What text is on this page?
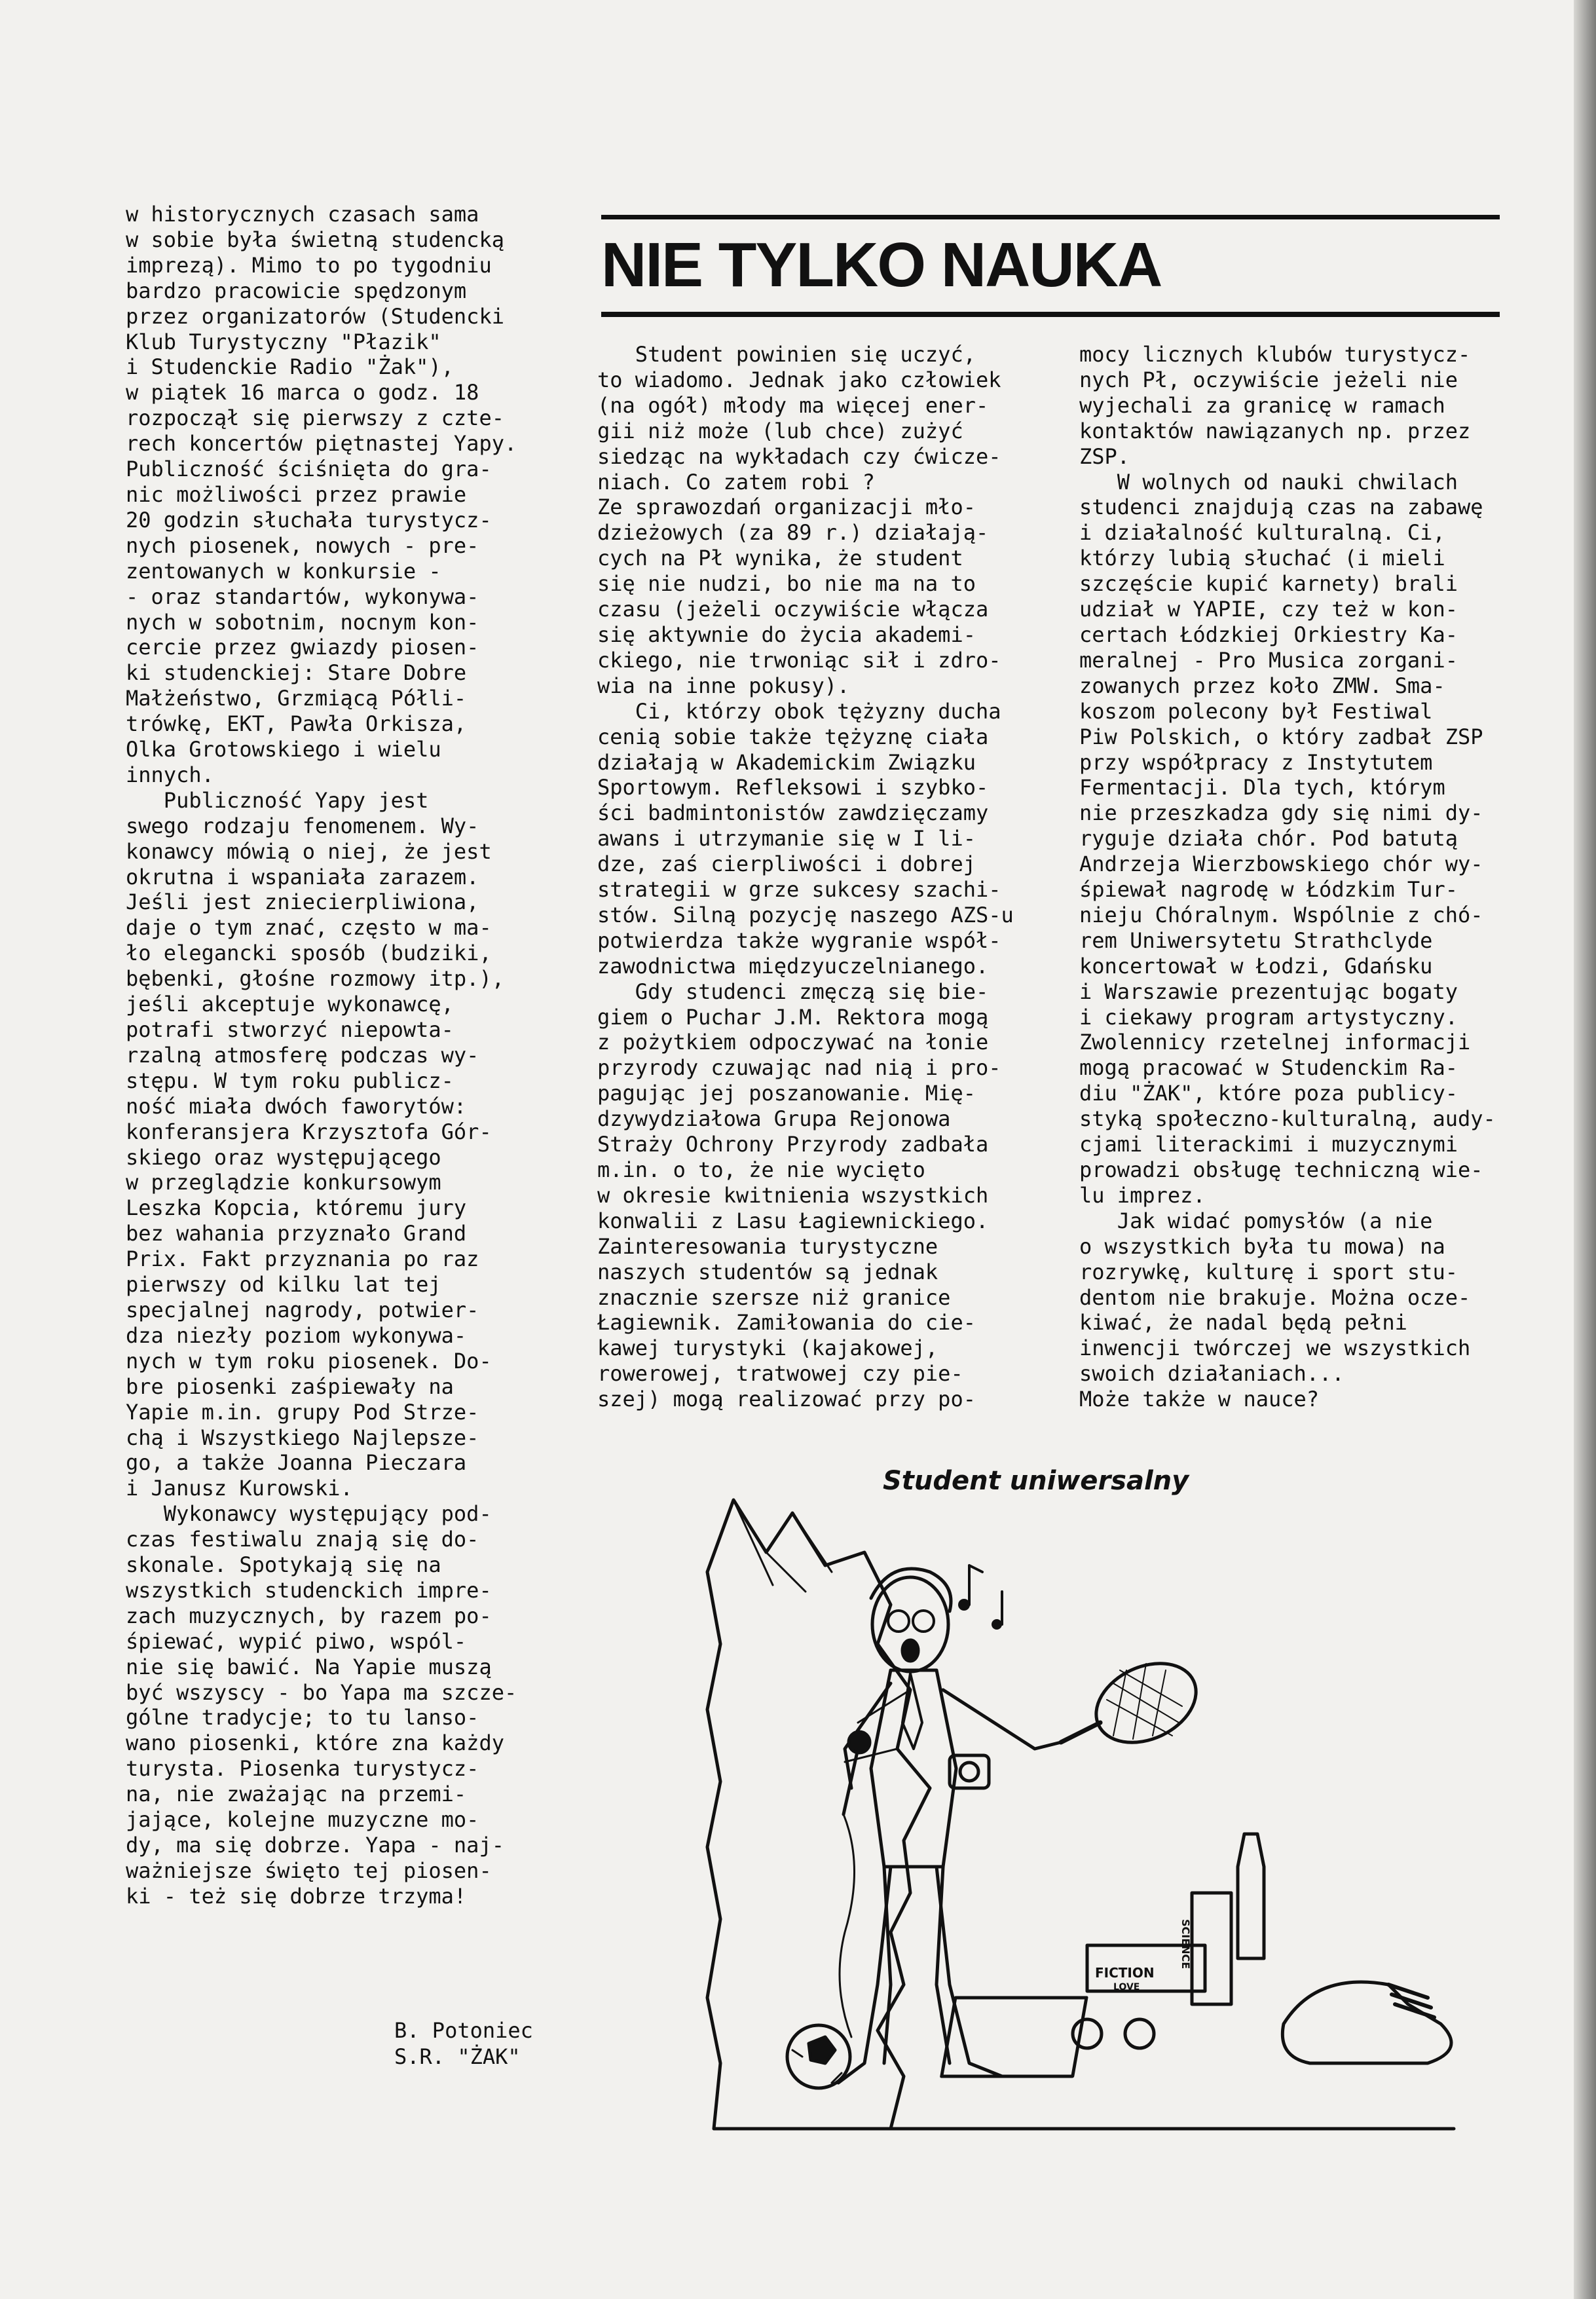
w historycznych czasach sama
w sobie była świetną studencką
imprezą). Mimo to po tygodniu
bardzo pracowicie spędzonym
przez organizatorów (Studencki
Klub Turystyczny "Płazik"
i Studenckie Radio "Żak"),
w piątek 16 marca o godz. 18
rozpoczął się pierwszy z czte-
rech koncertów piętnastej Yapy.
Publiczność ściśnięta do gra-
nic możliwości przez prawie
20 godzin słuchała turystycz-
nych piosenek, nowych - pre-
zentowanych w konkursie -
- oraz standartów, wykonywa-
nych w sobotnim, nocnym kon-
cercie przez gwiazdy piosen-
ki studenckiej: Stare Dobre
Małżeństwo, Grzmiącą Półli-
trówkę, EKT, Pawła Orkisza,
Olka Grotowskiego i wielu
innych.
Publiczność Yapy jest
swego rodzaju fenomenem. Wy-
konawcy mówią o niej, że jest
okrutna i wspaniała zarazem.
Jeśli jest zniecierpliwiona,
daje o tym znać, często w ma-
ło elegancki sposób (budziki,
bębenki, głośne rozmowy itp.),
jeśli akceptuje wykonawcę,
potrafi stworzyć niepowta-
rzalną atmosferę podczas wy-
stępu. W tym roku publicz-
ność miała dwóch faworytów:
konferansjera Krzysztofa Gór-
skiego oraz występującego
w przeglądzie konkursowym
Leszka Kopcia, któremu jury
bez wahania przyznało Grand
Prix. Fakt przyznania po raz
pierwszy od kilku lat tej
specjalnej nagrody, potwier-
dza niezły poziom wykonywa-
nych w tym roku piosenek. Do-
bre piosenki zaśpiewały na
Yapie m.in. grupy Pod Strze-
chą i Wszystkiego Najlepsze-
go, a także Joanna Pieczara
i Janusz Kurowski.
Wykonawcy występujący pod-
czas festiwalu znają się do-
skonale. Spotykają się na
wszystkich studenckich impre-
zach muzycznych, by razem po-
śpiewać, wypić piwo, wspól-
nie się bawić. Na Yapie muszą
być wszyscy - bo Yapa ma szcze-
gólne tradycje; to tu lanso-
wano piosenki, które zna każdy
turysta. Piosenka turystycz-
na, nie zważając na przemi-
jające, kolejne muzyczne mo-
dy, ma się dobrze. Yapa - naj-
ważniejsze święto tej piosen-
ki - też się dobrze trzyma!
NIE TYLKO NAUKA
Student powinien się uczyć,
to wiadomo. Jednak jako człowiek
(na ogół) młody ma więcej ener-
gii niż może (lub chce) zużyć
siedząc na wykładach czy ćwicze-
niach. Co zatem robi ?
Ze sprawozdań organizacji mło-
dzieżowych (za 89 r.) działają-
cych na Pł wynika, że student
się nie nudzi, bo nie ma na to
czasu (jeżeli oczywiście włącza
się aktywnie do życia akademi-
ckiego, nie trwoniąc sił i zdro-
wia na inne pokusy).
Ci, którzy obok tężyzny ducha
cenią sobie także tężyznę ciała
działają w Akademickim Związku
Sportowym. Refleksowi i szybko-
ści badmintonistów zawdzięczamy
awans i utrzymanie się w I li-
dze, zaś cierpliwości i dobrej
strategii w grze sukcesy szachi-
stów. Silną pozycję naszego AZS-u
potwierdza także wygranie współ-
zawodnictwa międzyuczelnianego.
Gdy studenci zmęczą się bie-
giem o Puchar J.M. Rektora mogą
z pożytkiem odpoczywać na łonie
przyrody czuwając nad nią i pro-
pagując jej poszanowanie. Mię-
dzywydziałowa Grupa Rejonowa
Straży Ochrony Przyrody zadbała
m.in. o to, że nie wycięto
w okresie kwitnienia wszystkich
konwalii z Lasu Łagiewnickiego.
Zainteresowania turystyczne
naszych studentów są jednak
znacznie szersze niż granice
Łagiewnik. Zamiłowania do cie-
kawej turystyki (kajakowej,
rowerowej, tratwowej czy pie-
szej) mogą realizować przy po-
mocy licznych klubów turystycz-
nych Pł, oczywiście jeżeli nie
wyjechali za granicę w ramach
kontaktów nawiązanych np. przez
ZSP.
W wolnych od nauki chwilach
studenci znajdują czas na zabawę
i działalność kulturalną. Ci,
którzy lubią słuchać (i mieli
szczęście kupić karnety) brali
udział w YAPIE, czy też w kon-
certach Łódzkiej Orkiestry Ka-
meralnej - Pro Musica zorgani-
zowanych przez koło ZMW. Sma-
koszom polecony był Festiwal
Piw Polskich, o który zadbał ZSP
przy współpracy z Instytutem
Fermentacji. Dla tych, którym
nie przeszkadza gdy się nimi dy-
ryguje działa chór. Pod batutą
Andrzeja Wierzbowskiego chór wy-
śpiewał nagrodę w Łódzkim Tur-
nieju Chóralnym. Wspólnie z chó-
rem Uniwersytetu Strathclyde
koncertował w Łodzi, Gdańsku
i Warszawie prezentując bogaty
i ciekawy program artystyczny.
Zwolennicy rzetelnej informacji
mogą pracować w Studenckim Ra-
diu "ŻAK", które poza publicy-
styką społeczno-kulturalną, audy-
cjami literackimi i muzycznymi
prowadzi obsługę techniczną wie-
lu imprez.
Jak widać pomysłów (a nie
o wszystkich była tu mowa) na
rozrywkę, kulturę i sport stu-
dentom nie brakuje. Można ocze-
kiwać, że nadal będą pełni
inwencji twórczej we wszystkich
swoich działaniach...
Może także w nauce?
B. Potoniec
S.R. "ŻAK"
Student uniwersalny
FICTION
LOVE
SCIENCE
